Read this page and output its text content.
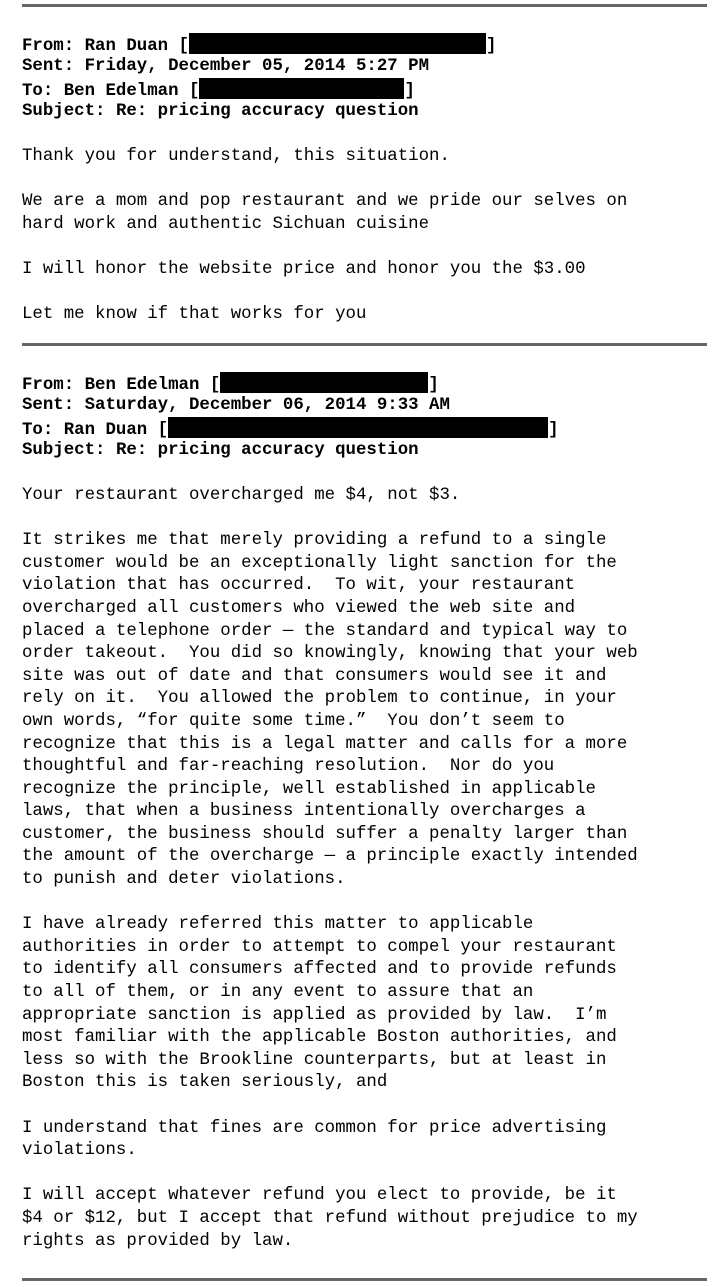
From: Ran Duan [	]
Sent: Friday, December 05, 2014 5:27 PM
To: Ben Edelman [	]
Subject: Re: pricing accuracy question
Thank you for understand, this situation.
We are a mom and pop restaurant and we pride our selves on
hard work and authentic Sichuan cuisine
I will honor the website price and honor you the $3.00
Let me know if that works for you
From: Ben Edelman [	]
Sent: Saturday, December 06, 2014 9:33 AM
To: Ran Duan [	]
Subject: Re: pricing accuracy question
Your restaurant overcharged me $4, not $3.
It strikes me that merely providing a refund to a single
customer would be an exceptionally light sanction for the
violation that has occurred.  To wit, your restaurant
overcharged all customers who viewed the web site and
placed a telephone order — the standard and typical way to
order takeout.  You did so knowingly, knowing that your web
site was out of date and that consumers would see it and
rely on it.  You allowed the problem to continue, in your
own words, “for quite some time.”  You don’t seem to
recognize that this is a legal matter and calls for a more
thoughtful and far-reaching resolution.  Nor do you
recognize the principle, well established in applicable
laws, that when a business intentionally overcharges a
customer, the business should suffer a penalty larger than
the amount of the overcharge — a principle exactly intended
to punish and deter violations.
I have already referred this matter to applicable
authorities in order to attempt to compel your restaurant
to identify all consumers affected and to provide refunds
to all of them, or in any event to assure that an
appropriate sanction is applied as provided by law.  I’m
most familiar with the applicable Boston authorities, and
less so with the Brookline counterparts, but at least in
Boston this is taken seriously, and
I understand that fines are common for price advertising
violations.
I will accept whatever refund you elect to provide, be it
$4 or $12, but I accept that refund without prejudice to my
rights as provided by law.
